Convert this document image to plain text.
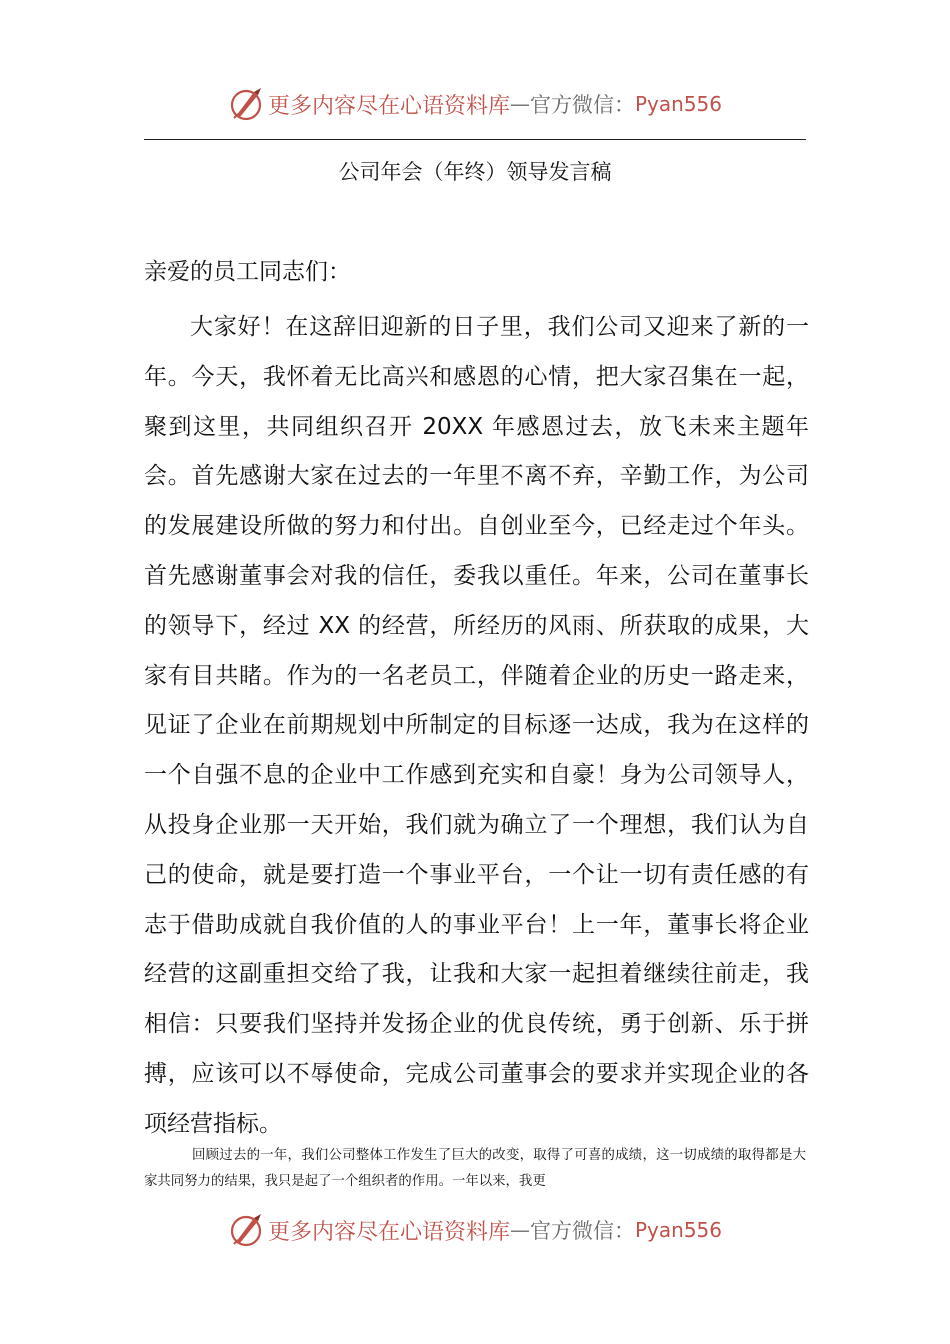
更多内容尽在心语资料库 — 官方微信： Pyan556
公司年会（年终）领导发言稿
亲爱的员工同志们：

大家好！在这辞旧迎新的日子里，我们公司又迎来了新的一年。今天，我怀着无比高兴和感恩的心情，把大家召集在一起，聚到这里，共同组织召开 20XX 年感恩过去，放飞未来主题年会。首先感谢大家在过去的一年里不离不弃，辛勤工作，为公司的发展建设所做的努力和付出。自创业至今，已经走过个年头。首先感谢董事会对我的信任，委我以重任。年来，公司在董事长的领导下，经过 XX 的经营，所经历的风雨、所获取的成果，大家有目共睹。作为的一名老员工，伴随着企业的历史一路走来，见证了企业在前期规划中所制定的目标逐一达成，我为在这样的一个自强不息的企业中工作感到充实和自豪！身为公司领导人，从投身企业那一天开始，我们就为确立了一个理想，我们认为自己的使命，就是要打造一个事业平台，一个让一切有责任感的有志于借助成就自我价值的人的事业平台！上一年，董事长将企业经营的这副重担交给了我，让我和大家一起担着继续往前走，我相信：只要我们坚持并发扬企业的优良传统，勇于创新、乐于拼搏，应该可以不辱使命，完成公司董事会的要求并实现企业的各项经营指标。

回顾过去的一年，我们公司整体工作发生了巨大的改变，取得了可喜的成绩，这一切成绩的取得都是大家共同努力的结果，我只是起了一个组织者的作用。一年以来，我更

更多内容尽在心语资料库 — 官方微信： Pyan556
